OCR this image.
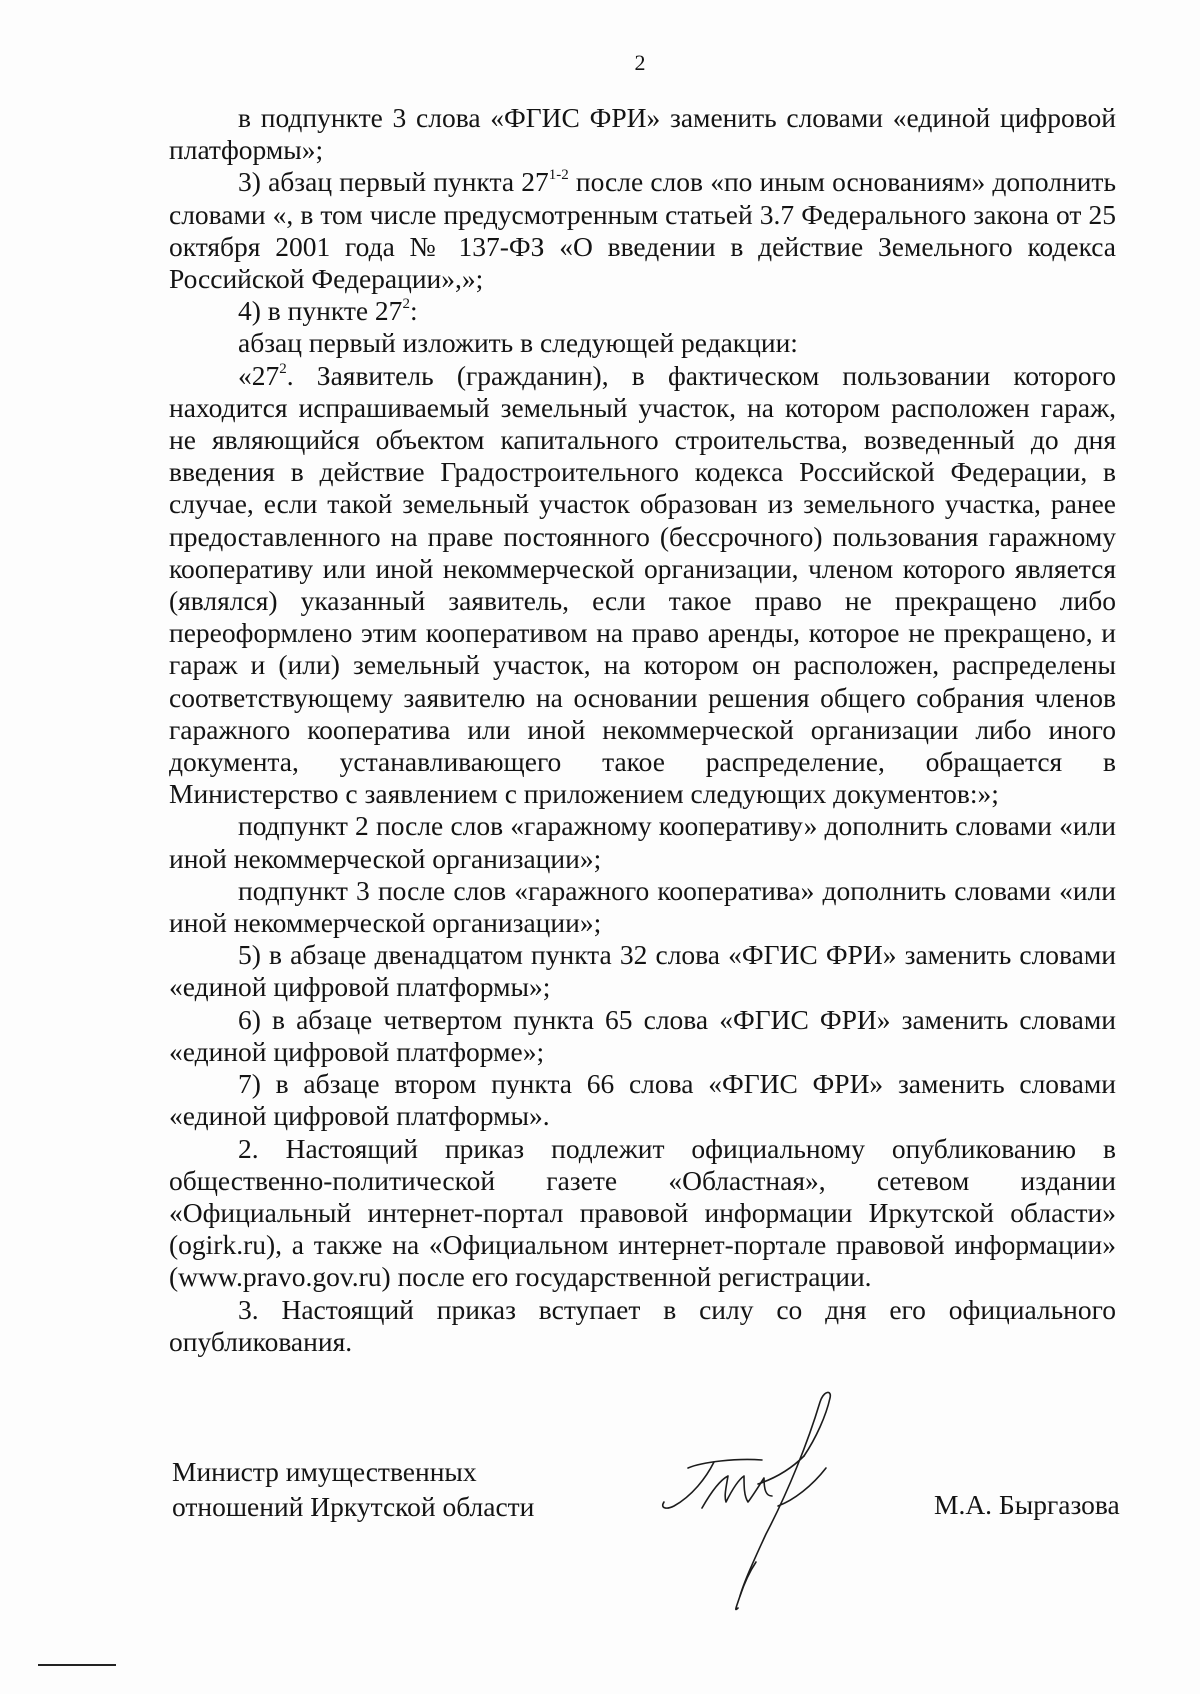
2

в подпункте 3 слова «ФГИС ФРИ» заменить словами «единой цифровой платформы»;

3) абзац первый пункта 27$^{1-2}$ после слов «по иным основаниям» дополнить словами «, в том числе предусмотренным статьей 3.7 Федерального закона от 25 октября 2001 года № 137-ФЗ «О введении в действие Земельного кодекса Российской Федерации»,»;

4) в пункте $27^2$:

абзац первый изложить в следующей редакции:

«$27^2$. Заявитель (гражданин), в фактическом пользовании которого находится испрашиваемый земельный участок, на котором расположен гараж, не являющийся объектом капитального строительства, возведенный до дня введения в действие Градостроительного кодекса Российской Федерации, в случае, если такой земельный участок образован из земельного участка, ранее предоставленного на праве постоянного (бессрочного) пользования гаражному кооперативу или иной некоммерческой организации, членом которого является (являлся) указанный заявитель, если такое право не прекращено либо переоформлено этим кооперативом на право аренды, которое не прекращено, и гараж и (или) земельный участок, на котором он расположен, распределены соответствующему заявителю на основании решения общего собрания членов гаражного кооператива или иной некоммерческой организации либо иного документа, устанавливающего такое распределение, обращается в Министерство с заявлением с приложением следующих документов:»;

подпункт 2 после слов «гаражному кооперативу» дополнить словами «или иной некоммерческой организации»;

подпункт 3 после слов «гаражного кооператива» дополнить словами «или иной некоммерческой организации»;

5) в абзаце двенадцатом пункта 32 слова «ФГИС ФРИ» заменить словами «единой цифровой платформы»;

6) в абзаце четвертом пункта 65 слова «ФГИС ФРИ» заменить словами «единой цифровой платформе»;

7) в абзаце втором пункта 66 слова «ФГИС ФРИ» заменить словами «единой цифровой платформы».

2. Настоящий приказ подлежит официальному опубликованию в общественно-политической газете «Областная», сетевом издании «Официальный интернет-портал правовой информации Иркутской области» (ogirk.ru), а также на «Официальном интернет-портале правовой информации» (www.pravo.gov.ru) после его государственной регистрации.

3. Настоящий приказ вступает в силу со дня его официального опубликования.

Министр имущественных
отношений Иркутской области	М.А. Быргазова
